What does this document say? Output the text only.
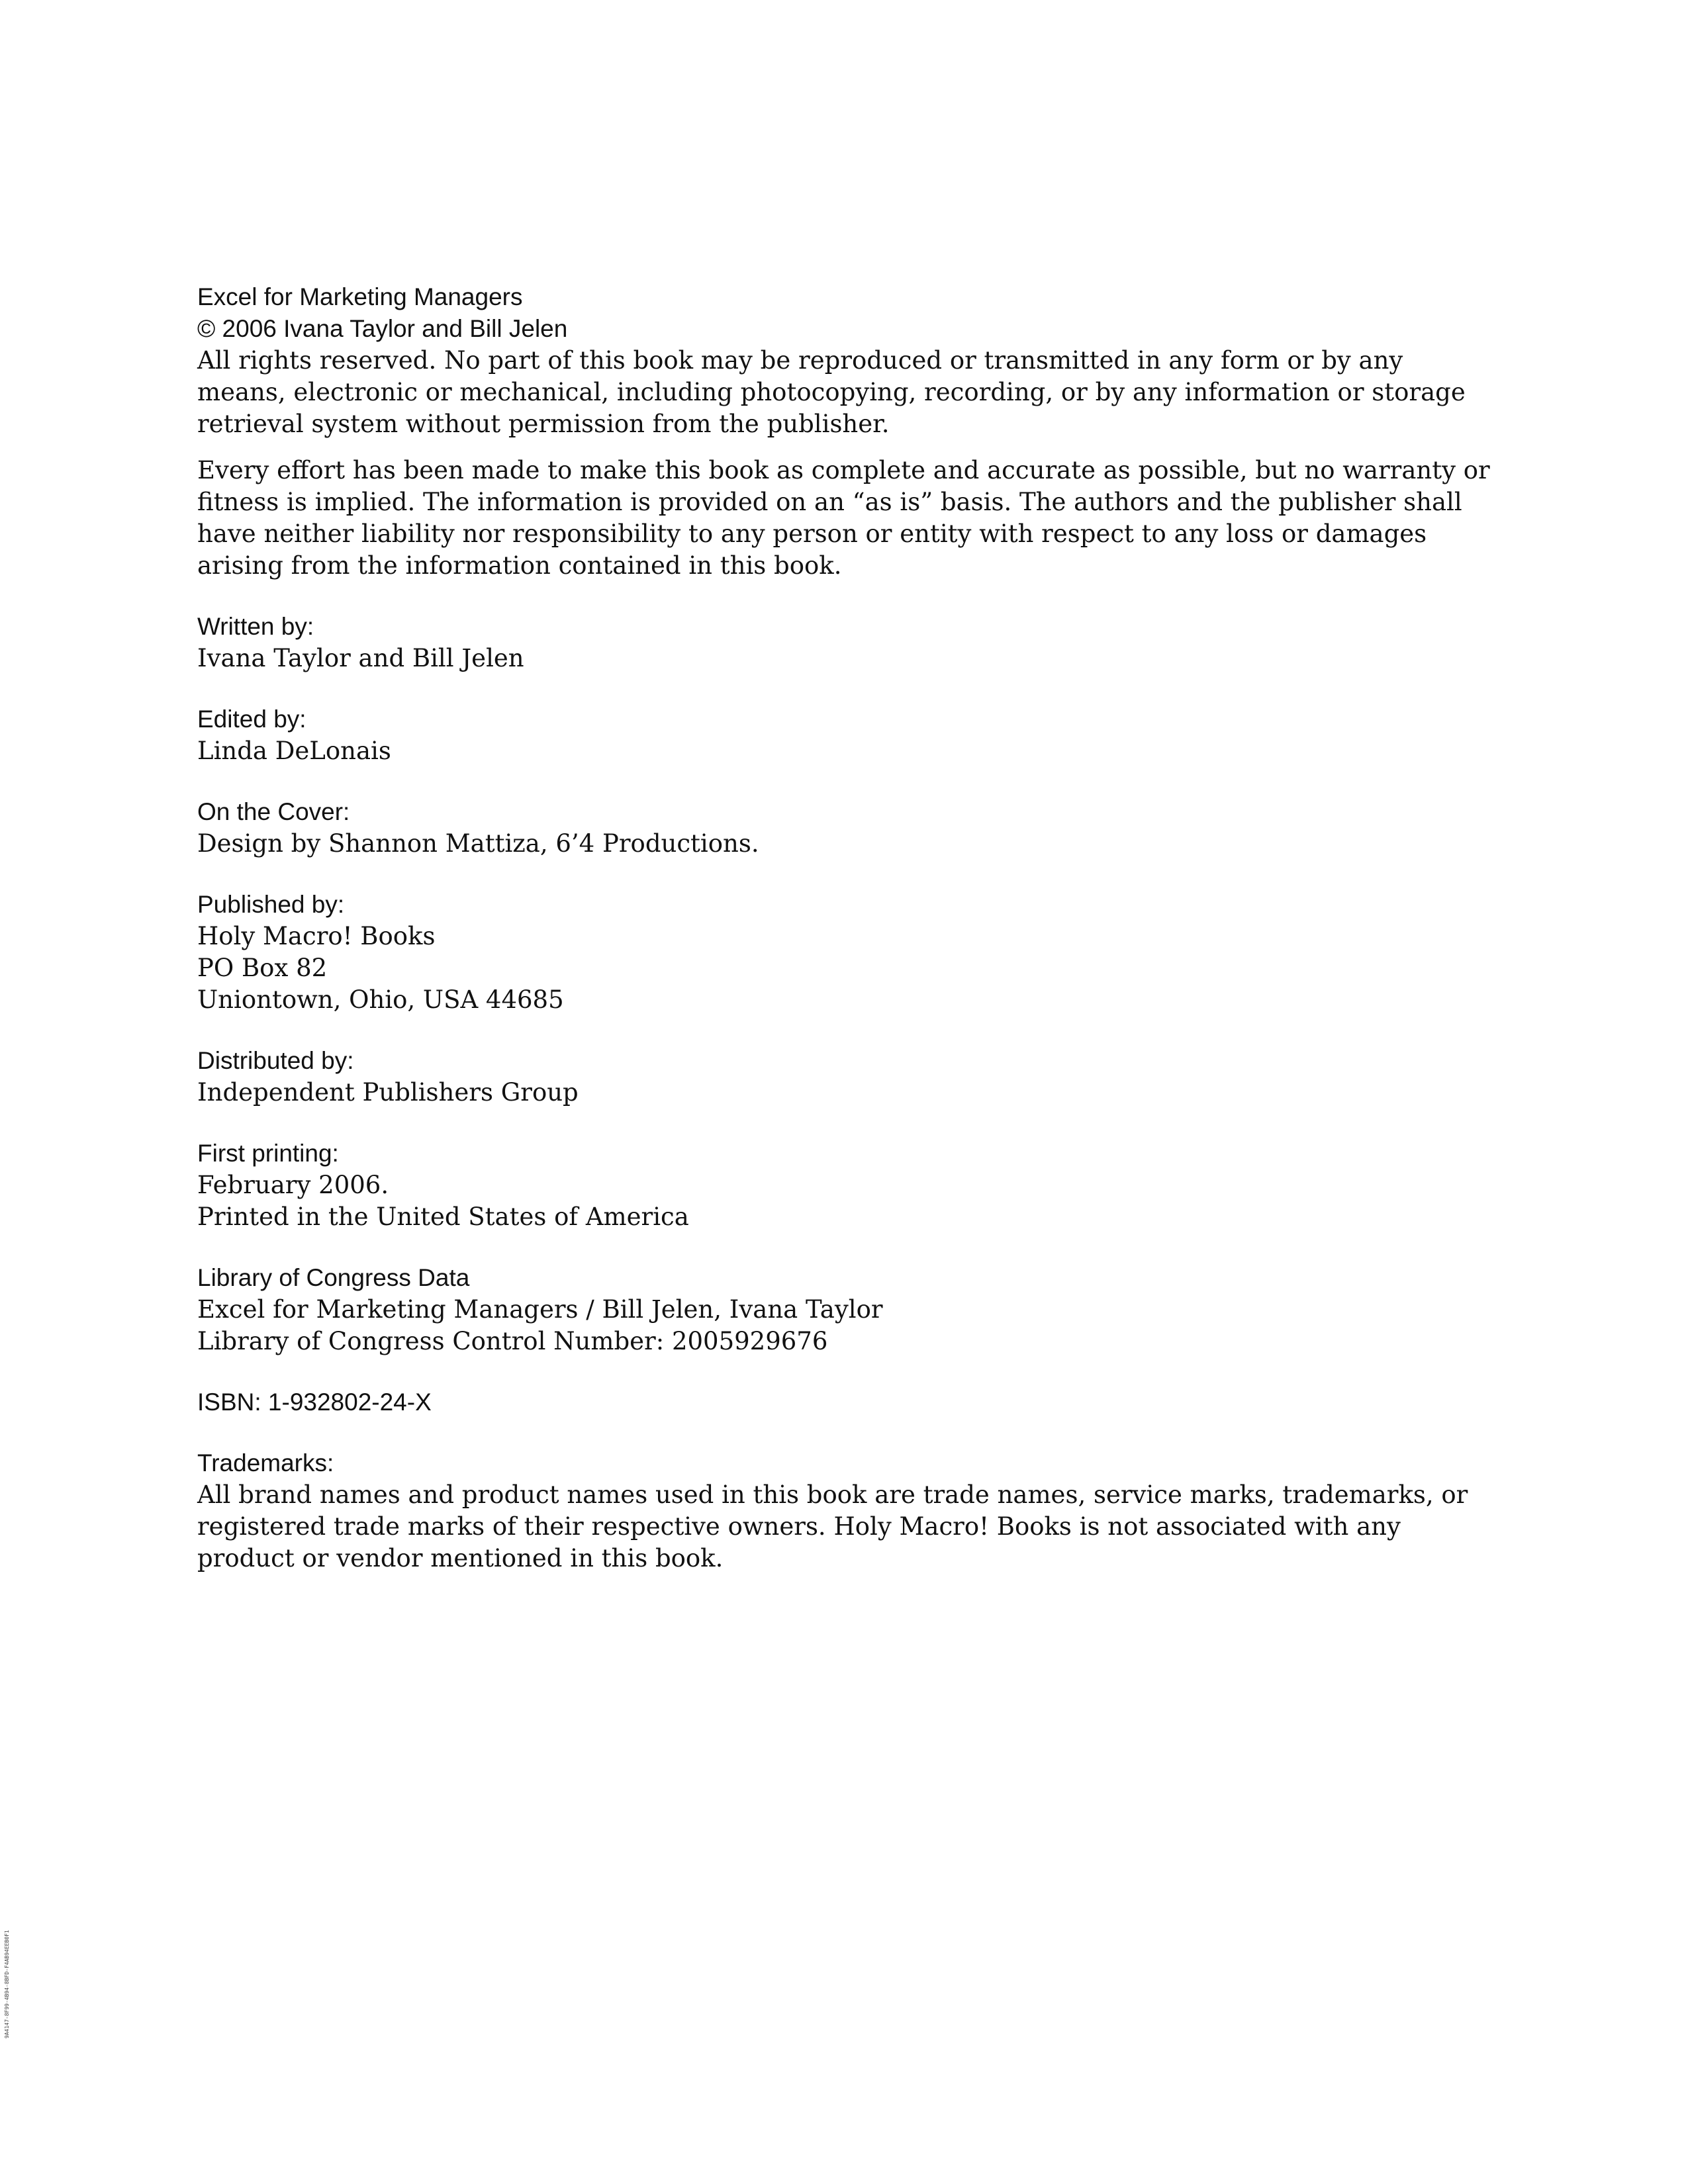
Excel for Marketing Managers
© 2006 Ivana Taylor and Bill Jelen

All rights reserved. No part of this book may be reproduced or transmitted in any form or by any means, electronic or mechanical, including photocopying, recording, or by any information or storage retrieval system without permission from the publisher.

Every effort has been made to make this book as complete and accurate as possible, but no warranty or fitness is implied. The information is provided on an “as is” basis. The authors and the publisher shall have neither liability nor responsibility to any person or entity with respect to any loss or damages arising from the information contained in this book.

Written by:
Ivana Taylor and Bill Jelen
Edited by:
Linda DeLonais
On the Cover:
Design by Shannon Mattiza, 6’4 Productions.
Published by:
Holy Macro! Books
PO Box 82
Uniontown, Ohio, USA 44685
Distributed by:
Independent Publishers Group
First printing:
February 2006.
Printed in the United States of America
Library of Congress Data
Excel for Marketing Managers / Bill Jelen, Ivana Taylor
Library of Congress Control Number: 2005929676
ISBN: 1-932802-24-X
Trademarks:
All brand names and product names used in this book are trade names, service marks, trademarks, or registered trade marks of their respective owners. Holy Macro! Books is not associated with any product or vendor mentioned in this book.
9A4147-8F99-4B94-8BFD-F4AB94EEB0F1
